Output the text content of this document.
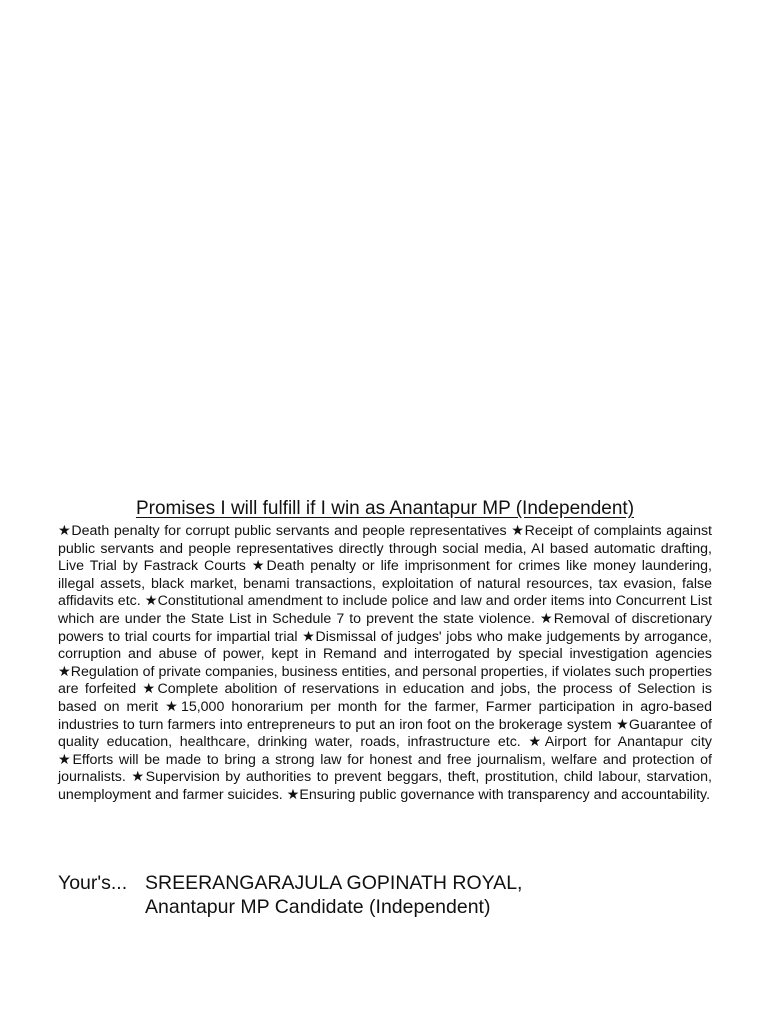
Promises I will fulfill if I win as Anantapur MP (Independent)

★Death penalty for corrupt public servants and people representatives ★Receipt of complaints against public servants and people representatives directly through social media, AI based automatic drafting, Live Trial by Fastrack Courts ★Death penalty or life imprisonment for crimes like money laundering, illegal assets, black market, benami transactions, exploitation of natural resources, tax evasion, false affidavits etc. ★Constitutional amendment to include police and law and order items into Concurrent List which are under the State List in Schedule 7 to prevent the state violence. ★Removal of discretionary powers to trial courts for impartial trial ★Dismissal of judges' jobs who make judgements by arrogance, corruption and abuse of power, kept in Remand and interrogated by special investigation agencies ★Regulation of private companies, business entities, and personal properties, if violates such properties are forfeited ★Complete abolition of reservations in education and jobs, the process of Selection is based on merit ★15,000 honorarium per month for the farmer, Farmer participation in agro-based industries to turn farmers into entrepreneurs to put an iron foot on the brokerage system ★Guarantee of quality education, healthcare, drinking water, roads, infrastructure etc. ★Airport for Anantapur city ★Efforts will be made to bring a strong law for honest and free journalism, welfare and protection of journalists. ★Supervision by authorities to prevent beggars, theft, prostitution, child labour, starvation, unemployment and farmer suicides. ★Ensuring public governance with transparency and accountability.

Your's... SREERANGARAJULA GOPINATH ROYAL,
Anantapur MP Candidate (Independent)
